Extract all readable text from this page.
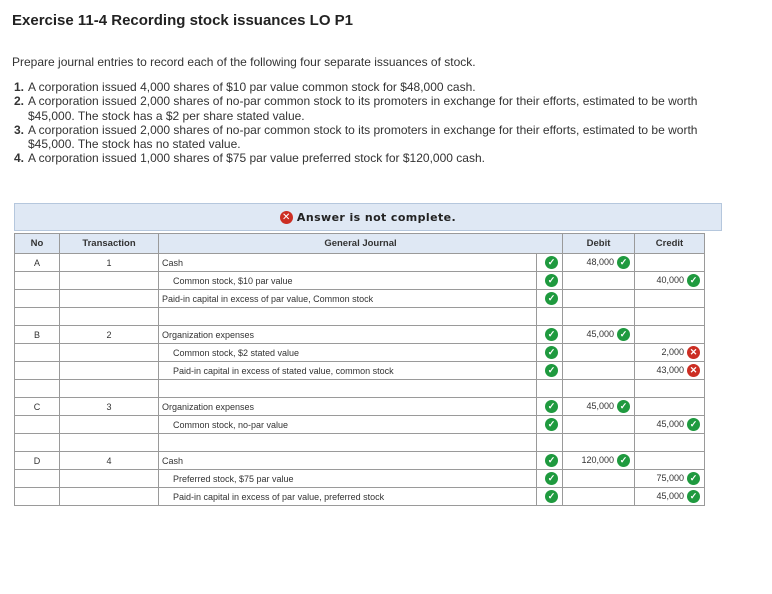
Exercise 11-4 Recording stock issuances LO P1

Prepare journal entries to record each of the following four separate issuances of stock.

1. A corporation issued 4,000 shares of $10 par value common stock for $48,000 cash.
2. A corporation issued 2,000 shares of no-par common stock to its promoters in exchange for their efforts, estimated to be worth $45,000. The stock has a $2 per share stated value.
3. A corporation issued 2,000 shares of no-par common stock to its promoters in exchange for their efforts, estimated to be worth $45,000. The stock has no stated value.
4. A corporation issued 1,000 shares of $75 par value preferred stock for $120,000 cash.
✕ Answer is not complete.
No	Transaction	General Journal		Debit	Credit
A	1	Cash	✓	48,000 ✓	
		Common stock, $10 par value	✓		40,000 ✓
		Paid-in capital in excess of par value, Common stock	✓		

B	2	Organization expenses	✓	45,000 ✓	
		Common stock, $2 stated value	✓		2,000 ✕
		Paid-in capital in excess of stated value, common stock	✓		43,000 ✕

C	3	Organization expenses	✓	45,000 ✓	
		Common stock, no-par value	✓		45,000 ✓

D	4	Cash	✓	120,000 ✓	
		Preferred stock, $75 par value	✓		75,000 ✓
		Paid-in capital in excess of par value, preferred stock	✓		45,000 ✓
